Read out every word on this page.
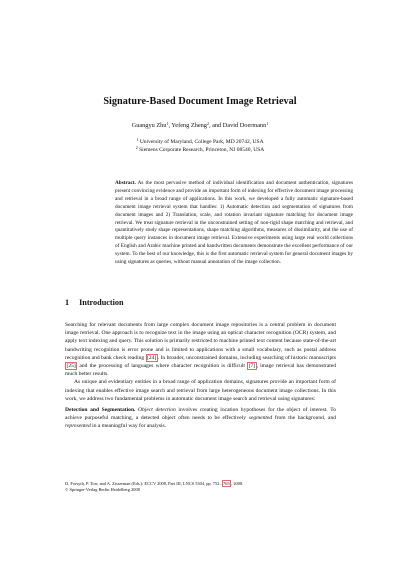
Signature-Based Document Image Retrieval
Guangyu Zhu$^1$, Yefeng Zheng$^2$, and David Doermann$^1$
$^1$ University of Maryland, College Park, MD 20742, USA
$^2$ Siemens Corporate Research, Princeton, NJ 08540, USA

Abstract. As the most pervasive method of individual identification and document authentication, signatures present convincing evidence and provide an important form of indexing for effective document image processing and retrieval in a broad range of applications. In this work, we developed a fully automatic signature-based document image retrieval system that handles: 1) Automatic detection and segmentation of signatures from document images and 2) Translation, scale, and rotation invariant signature matching for document image retrieval. We treat signature retrieval in the unconstrained setting of non-rigid shape matching and retrieval, and quantitatively study shape representations, shape matching algorithms, measures of dissimilarity, and the use of multiple query instances in document image retrieval. Extensive experiments using large real world collections of English and Arabic machine printed and handwritten documents demonstrate the excellent performance of our system. To the best of our knowledge, this is the first automatic retrieval system for general document images by using signatures as queries, without manual annotation of the image collection.

1 Introduction

Searching for relevant documents from large complex document image repositories is a central problem in document image retrieval. One approach is to recognize text in the image using an optical character recognition (OCR) system, and apply text indexing and query. This solution is primarily restricted to machine printed text content because state-of-the-art handwriting recognition is error prone and is limited to applications with a small vocabulary, such as postal address recognition and bank check reading [24] . In broader, unconstrained domains, including searching of historic manuscripts [25] and the processing of languages where character recognition is difficult [7] , image retrieval has demonstrated much better results.

As unique and evidentiary entities in a broad range of application domains, signatures provide an important form of indexing that enables effective image search and retrieval from large heterogeneous document image collections. In this work, we address two fundamental problems in automatic document image search and retrieval using signatures:

Detection and Segmentation. Object detection involves creating location hypotheses for the object of interest. To achieve purposeful matching, a detected object often needs to be effectively segmented from the background, and represented in a meaningful way for analysis.

D. Forsyth, P. Torr, and A. Zisserman (Eds.): ECCV 2008, Part III, LNCS 5304, pp. 752– 765 , 2008.
© Springer-Verlag Berlin Heidelberg 2008
